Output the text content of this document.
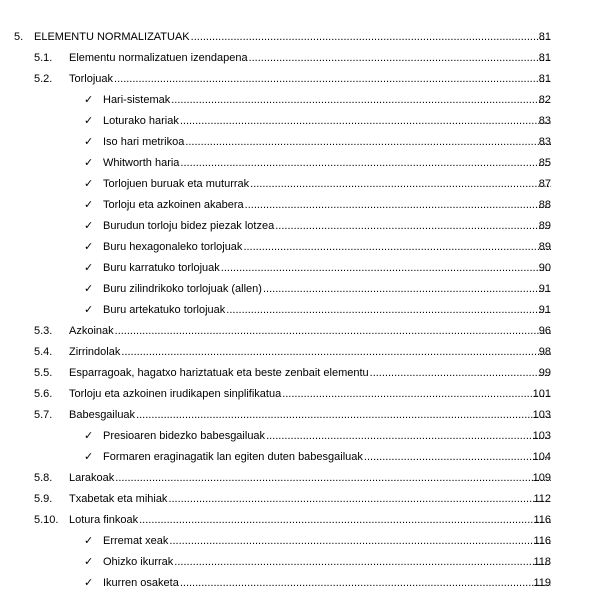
5. ELEMENTU NORMALIZATUAK .....	81
5.1. Elementu normalizatuen izendapena .....	81
5.2. Torlojuak .....	81
✓ Hari-sistemak .....	82
✓ Loturako hariak .....	83
✓ Iso hari metrikoa .....	83
✓ Whitworth haria .....	85
✓ Torlojuen buruak eta muturrak .....	87
✓ Torloju eta azkoinen akabera .....	88
✓ Burudun torloju bidez piezak lotzea .....	89
✓ Buru hexagonaleko torlojuak .....	89
✓ Buru karratuko torlojuak .....	90
✓ Buru zilindrikoko torlojuak (allen) .....	91
✓ Buru artekatuko torlojuak .....	91
5.3. Azkoinak .....	96
5.4. Zirrindolak .....	98
5.5. Esparragoak, hagatxo hariztatuak eta beste zenbait elementu .....	99
5.6. Torloju eta azkoinen irudikapen sinplifikatua .....	101
5.7. Babesgailuak .....	103
✓ Presioaren bidezko babesgailuak .....	103
✓ Formaren eraginagatik lan egiten duten babesgailuak .....	104
5.8. Larakoak .....	109
5.9. Txabetak eta mihiak .....	112
5.10. Lotura finkoak .....	116
✓ Erremat xeak .....	116
✓ Ohizko ikurrak .....	118
✓ Ikurren osaketa .....	119
